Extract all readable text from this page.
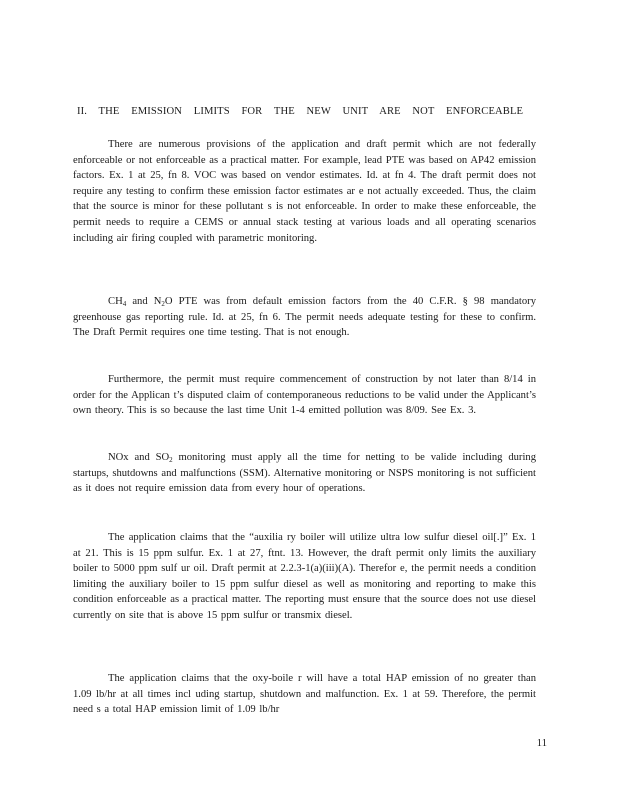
II. THE EMISSION LIMITS FOR THE NEW UNIT ARE NOT ENFORCEABLE
There are numerous provisions of the application and draft permit which are not federally enforceable or not enforceable as a practical matter. For example, lead PTE was based on AP42 emission factors. Ex. 1 at 25, fn 8. VOC was based on vendor estimates. Id. at fn 4. The draft permit does not require any testing to confirm these emission factor estimates ar e not actually exceeded. Thus, the claim that the source is minor for these pollutant s is not enforceable. In order to make these enforceable, the permit needs to require a CEMS or annual stack testing at various loads and all operating scenarios including air firing coupled with parametric monitoring.
$CH_4$ and $N_2O$ PTE was from default emission factors from the 40 C.F.R. § 98 mandatory greenhouse gas reporting rule. Id. at 25, fn 6. The permit needs adequate testing for these to confirm. The Draft Permit requires one time testing. That is not enough.
Furthermore, the permit must require commencement of construction by not later than 8/14 in order for the Applican t’s disputed claim of contemporaneous reductions to be valid under the Applicant’s own theory. This is so because the last time Unit 1-4 emitted pollution was 8/09. See Ex. 3.
NOx and $SO_2$ monitoring must apply all the time for netting to be valide including during startups, shutdowns and malfunctions (SSM). Alternative monitoring or NSPS monitoring is not sufficient as it does not require emission data from every hour of operations.
The application claims that the “auxilia ry boiler will utilize ultra low sulfur diesel oil[.]” Ex. 1 at 21. This is 15 ppm sulfur. Ex. 1 at 27, ftnt. 13. However, the draft permit only limits the auxiliary boiler to 5000 ppm sulf ur oil. Draft permit at 2.2.3-1(a)(iii)(A). Therefor e, the permit needs a condition limiting the auxiliary boiler to 15 ppm sulfur diesel as well as monitoring and reporting to make this condition enforceable as a practical matter. The reporting must ensure that the source does not use diesel currently on site that is above 15 ppm sulfur or transmix diesel.
The application claims that the oxy-boile r will have a total HAP emission of no greater than 1.09 lb/hr at all times incl uding startup, shutdown and malfunction. Ex. 1 at 59. Therefore, the permit need s a total HAP emission limit of 1.09 lb/hr
11
